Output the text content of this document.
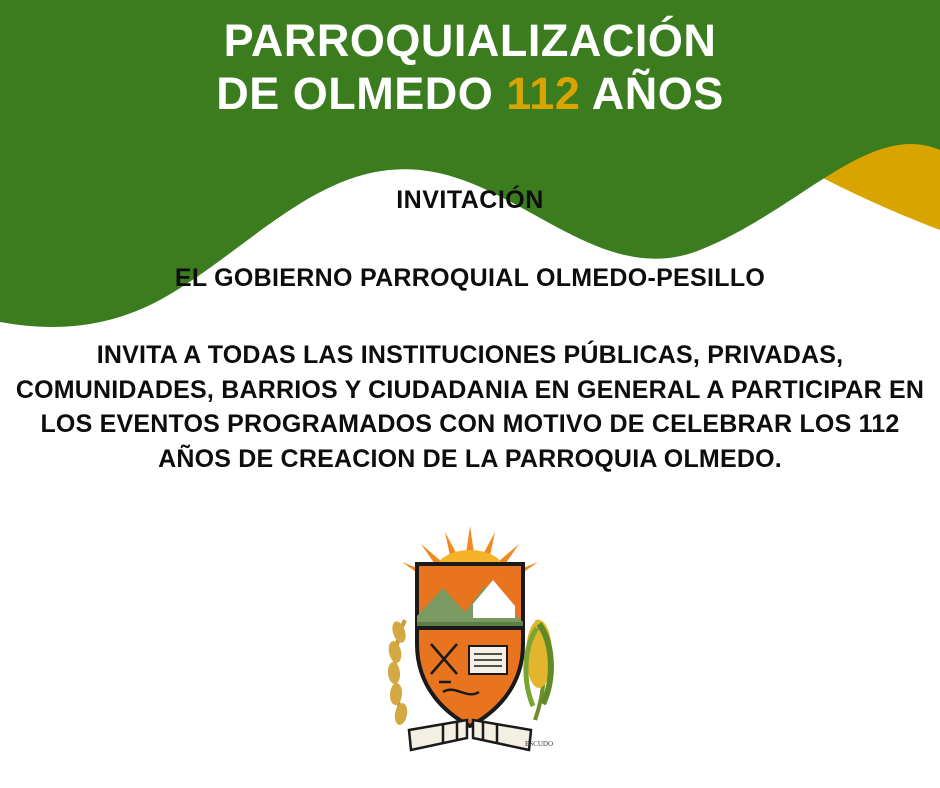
PARROQUIALIZACIÓN
DE OLMEDO 112 AÑOS
INVITACIÓN
EL GOBIERNO PARROQUIAL OLMEDO-PESILLO
INVITA A TODAS LAS INSTITUCIONES PÚBLICAS, PRIVADAS, COMUNIDADES, BARRIOS Y CIUDADANIA EN GENERAL A PARTICIPAR EN LOS EVENTOS PROGRAMADOS CON MOTIVO DE CELEBRAR LOS 112 AÑOS DE CREACION DE LA PARROQUIA OLMEDO.
ESCUDO
